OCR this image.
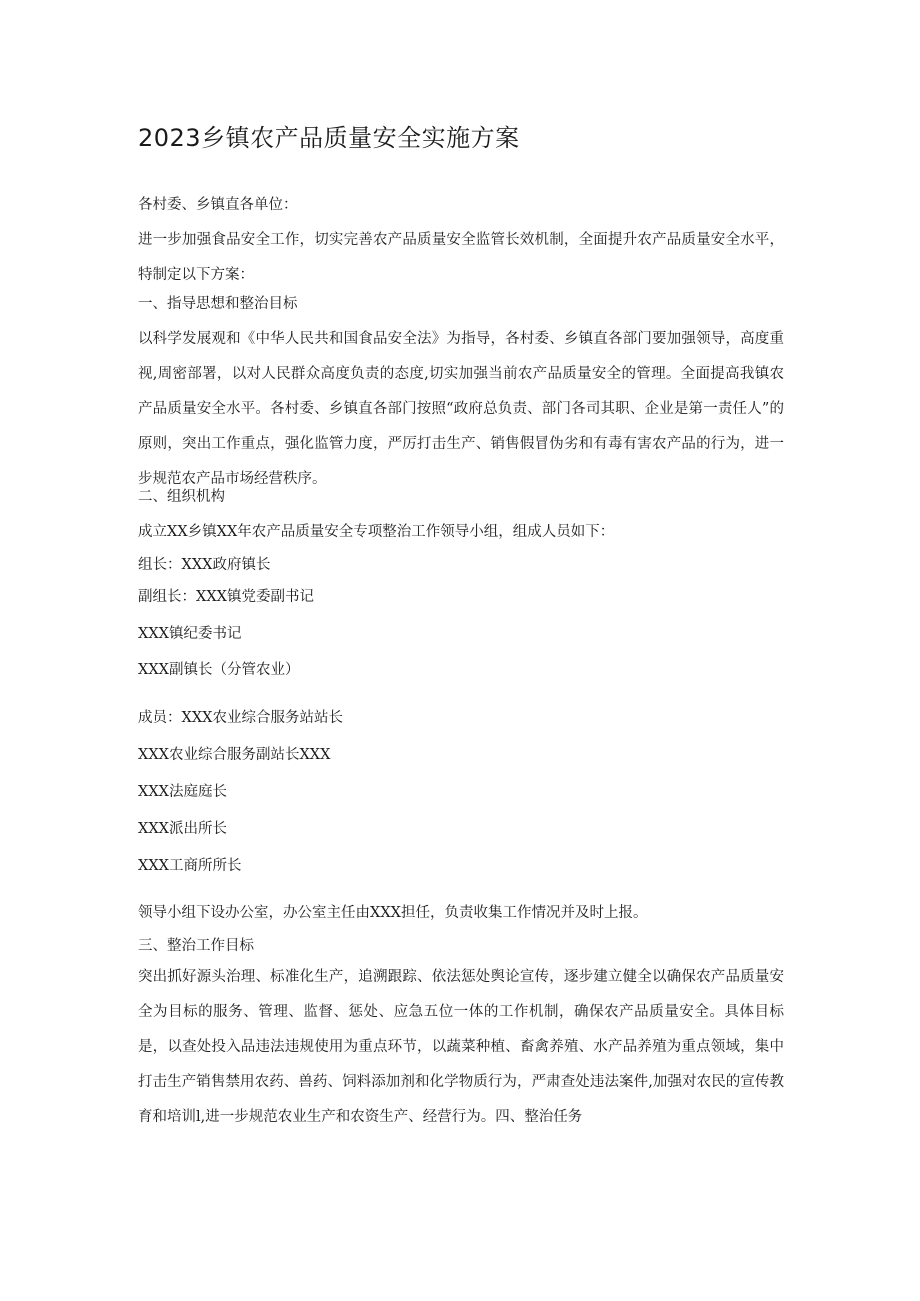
2023乡镇农产品质量安全实施方案

各村委、乡镇直各单位：

进一步加强食品安全工作，切实完善农产品质量安全监管长效机制，全面提升农产品质量安全水平，特制定以下方案：

一、指导思想和整治目标

以科学发展观和《中华人民共和国食品安全法》为指导，各村委、乡镇直各部门要加强领导，高度重视,周密部署，以对人民群众高度负责的态度,切实加强当前农产品质量安全的管理。全面提高我镇农产品质量安全水平。各村委、乡镇直各部门按照“政府总负责、部门各司其职、企业是第一责任人”的原则，突出工作重点，强化监管力度，严厉打击生产、销售假冒伪劣和有毒有害农产品的行为，进一步规范农产品市场经营秩序。

二、组织机构

成立XX乡镇XX年农产品质量安全专项整治工作领导小组，组成人员如下：

组长：XXX政府镇长

副组长：XXX镇党委副书记

XXX镇纪委书记

XXX副镇长（分管农业）

成员：XXX农业综合服务站站长

XXX农业综合服务副站长XXX

XXX法庭庭长

XXX派出所长

XXX工商所所长

领导小组下设办公室，办公室主任由XXX担任，负责收集工作情况并及时上报。

三、整治工作目标

突出抓好源头治理、标准化生产，追溯跟踪、依法惩处舆论宣传，逐步建立健全以确保农产品质量安全为目标的服务、管理、监督、惩处、应急五位一体的工作机制，确保农产品质量安全。具体目标是，以查处投入品违法违规使用为重点环节，以蔬菜种植、畜禽养殖、水产品养殖为重点领域，集中打击生产销售禁用农药、兽药、饲料添加剂和化学物质行为，严肃查处违法案件,加强对农民的宣传教育和培训l,进一步规范农业生产和农资生产、经营行为。四、整治任务
